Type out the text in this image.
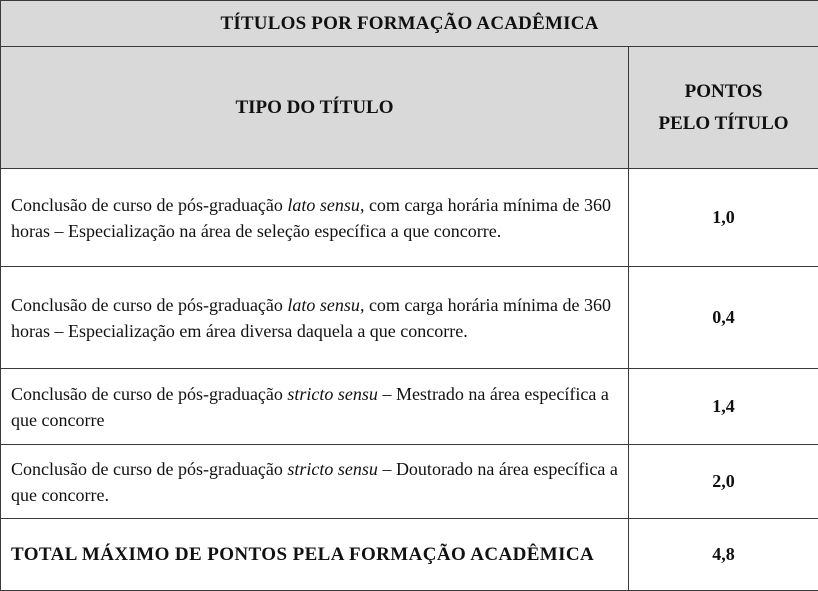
TÍTULOS POR FORMAÇÃO ACADÊMICA	
TIPO DO TÍTULO	PONTOS
PELO TÍTULO

Conclusão de curso de pós-graduação lato sensu, com carga horária mínima de 360 horas – Especialização na área de seleção específica a que concorre.	1,0
Conclusão de curso de pós-graduação lato sensu, com carga horária mínima de 360 horas – Especialização em área diversa daquela a que concorre.	0,4
Conclusão de curso de pós-graduação stricto sensu – Mestrado na área específica a que concorre	1,4
Conclusão de curso de pós-graduação stricto sensu – Doutorado na área específica a que concorre.	2,0
TOTAL MÁXIMO DE PONTOS PELA FORMAÇÃO ACADÊMICA	4,8
